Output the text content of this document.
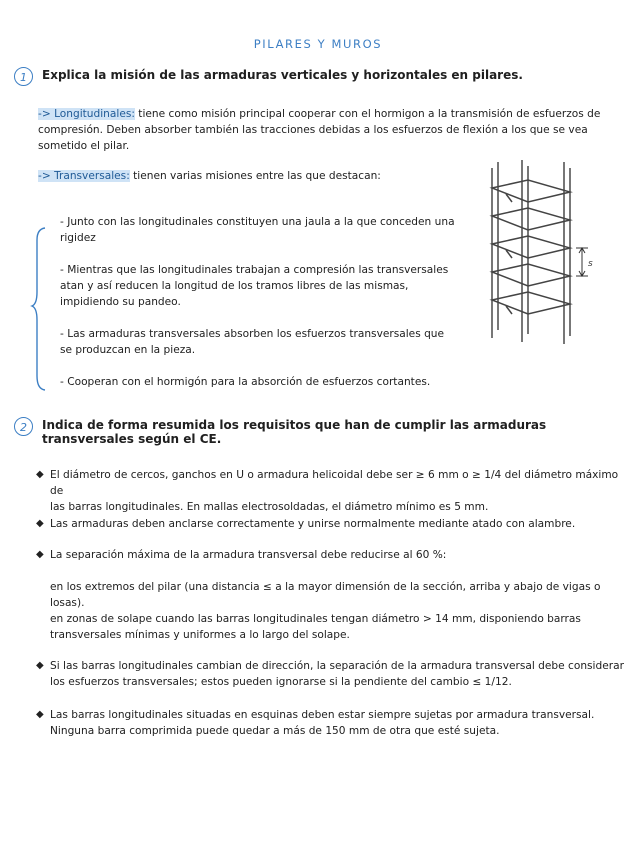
PILARES Y MUROS
1	Explica la misión de las armaduras verticales y horizontales en pilares.
-> Longitudinales: tiene como misión principal cooperar con el hormigon a la transmisión de esfuerzos de
compresión. Deben absorber también las tracciones debidas a los esfuerzos de flexión a los que se vea
sometido el pilar.
-> Transversales: tienen varias misiones entre las que destacan:
- Junto con las longitudinales constituyen una jaula a la que conceden una
rigidez
- Mientras que las longitudinales trabajan a compresión las transversales
atan y así reducen la longitud de los tramos libres de las mismas,
impidiendo su pandeo.
- Las armaduras transversales absorben los esfuerzos transversales que
se produzcan en la pieza.
- Cooperan con el hormigón para la absorción de esfuerzos cortantes.
s
2	Indica de forma resumida los requisitos que han de cumplir las armaduras transversales según el CE.
◆ El diámetro de cercos, ganchos en U o armadura helicoidal debe ser ≥ 6 mm o ≥ 1/4 del diámetro máximo de
las barras longitudinales. En mallas electrosoldadas, el diámetro mínimo es 5 mm.
◆ Las armaduras deben anclarse correctamente y unirse normalmente mediante atado con alambre.
◆ La separación máxima de la armadura transversal debe reducirse al 60 %:
en los extremos del pilar (una distancia ≤ a la mayor dimensión de la sección, arriba y abajo de vigas o
losas).
en zonas de solape cuando las barras longitudinales tengan diámetro > 14 mm, disponiendo barras
transversales mínimas y uniformes a lo largo del solape.
◆ Si las barras longitudinales cambian de dirección, la separación de la armadura transversal debe considerar
los esfuerzos transversales; estos pueden ignorarse si la pendiente del cambio ≤ 1/12.
◆ Las barras longitudinales situadas en esquinas deben estar siempre sujetas por armadura transversal.
Ninguna barra comprimida puede quedar a más de 150 mm de otra que esté sujeta.
